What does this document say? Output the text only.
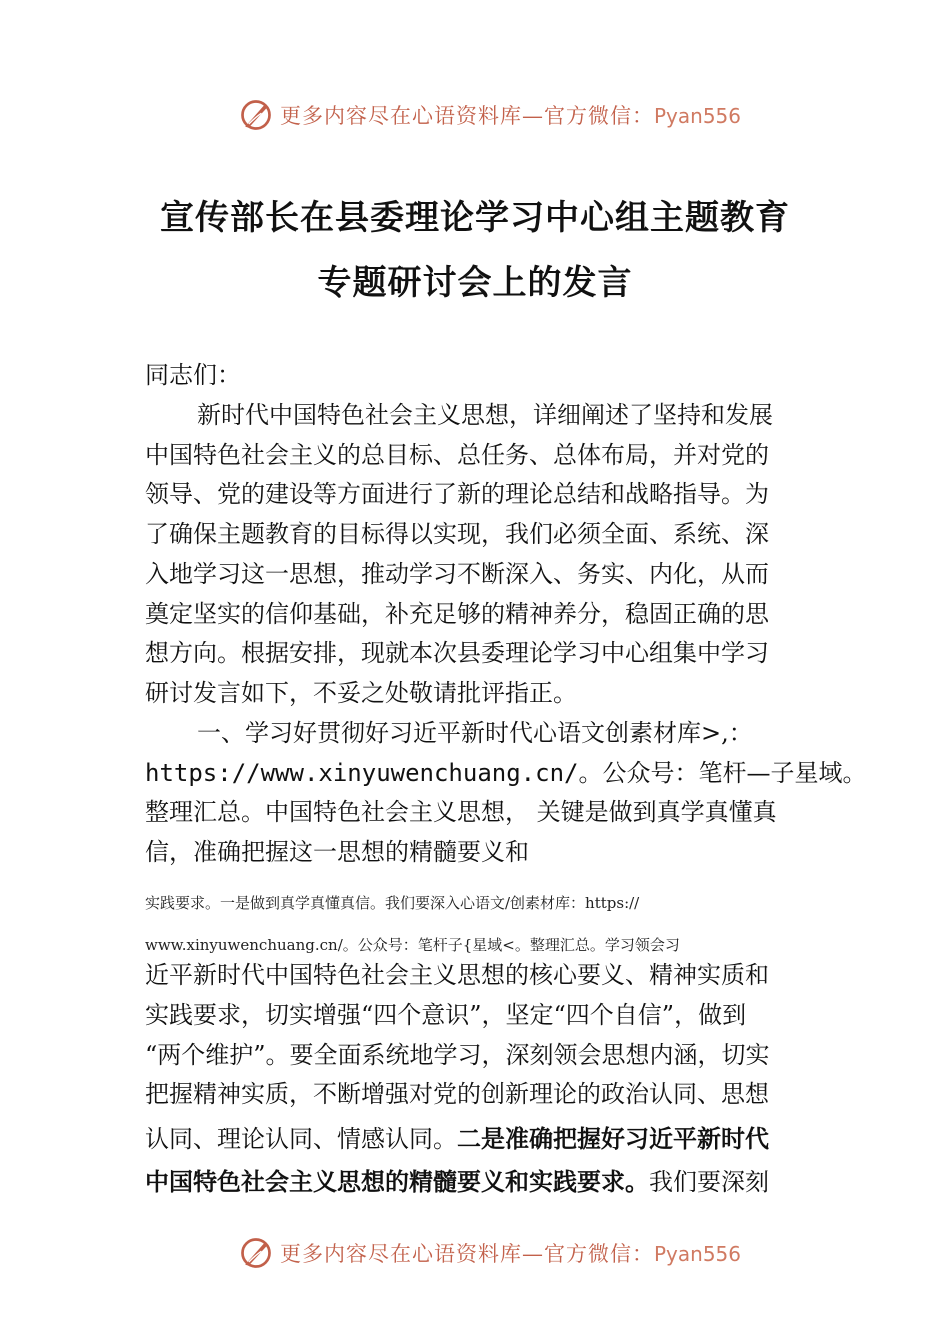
更多内容尽在心语资料库—官方微信：Pyan556
宣传部长在县委理论学习中心组主题教育
专题研讨会上的发言
同志们：
新时代中国特色社会主义思想，详细阐述了坚持和发展
中国特色社会主义的总目标、总任务、总体布局，并对党的
领导、党的建设等方面进行了新的理论总结和战略指导。为
了确保主题教育的目标得以实现，我们必须全面、系统、深
入地学习这一思想，推动学习不断深入、务实、内化，从而
奠定坚实的信仰基础，补充足够的精神养分，稳固正确的思
想方向。根据安排，现就本次县委理论学习中心组集中学习
研讨发言如下，不妥之处敬请批评指正。
一、学习好贯彻好习近平新时代心语文创素材库>,：
https://www.xinyuwenchuang.cn/。公众号：笔杆—子星域。
整理汇总。中国特色社会主义思想， 关键是做到真学真懂真
信，准确把握这一思想的精髓要义和
实践要求。一是做到真学真懂真信。我们要深入心语文/创素材库：https://
www.xinyuwenchuang.cn/。公众号：笔杆子{星域<。整理汇总。学习领会习
近平新时代中国特色社会主义思想的核心要义、精神实质和
实践要求，切实增强“四个意识”，坚定“四个自信”，做到
“两个维护”。要全面系统地学习，深刻领会思想内涵，切实
把握精神实质，不断增强对党的创新理论的政治认同、思想
认同、理论认同、情感认同。二是准确把握好习近平新时代
中国特色社会主义思想的精髓要义和实践要求。我们要深刻
更多内容尽在心语资料库—官方微信：Pyan556
